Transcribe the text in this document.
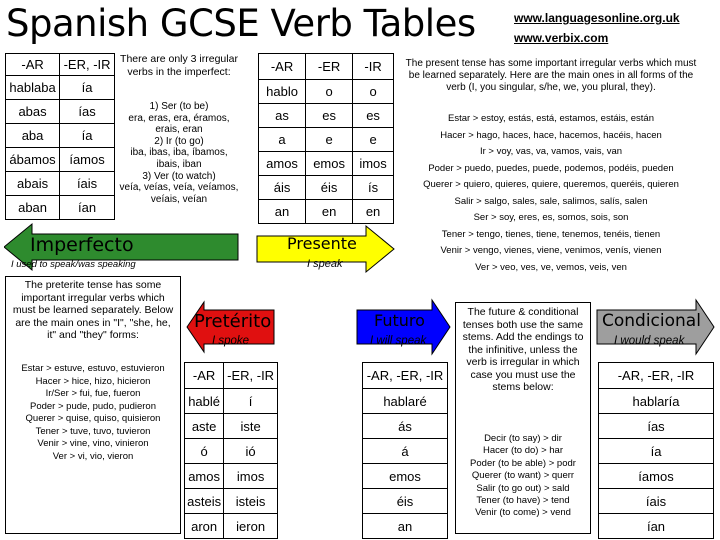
Spanish GCSE Verb Tables	www.languagesonline.org.uk
www.verbix.com
-AR	-ER, -IR
hablaba	ía
abas	ías
aba	ía
ábamos	íamos
abais	íais
aban	ían
There are only 3 irregular verbs in the imperfect:
1) Ser (to be)
era, eras, era, éramos, erais, eran
2) Ir (to go)
iba, ibas, iba, íbamos, ibais, iban
3) Ver (to watch)
veía, veías, veía, veíamos, veíais, veían
Imperfecto
I used to speak/was speaking
-AR	-ER	-IR
hablo	o	o
as	es	es
a	e	e
amos	emos	imos
áis	éis	ís
an	en	en
Presente
I speak
The present tense has some important irregular verbs which must be learned separately. Here are the main ones in all forms of the verb (I, you singular, s/he, we, you plural, they).
Estar > estoy, estás, está, estamos, estáis, están
Hacer > hago, haces, hace, hacemos, hacéis, hacen
Ir > voy, vas, va, vamos, vais, van
Poder > puedo, puedes, puede, podemos, podéis, pueden
Querer > quiero, quieres, quiere, queremos, queréis, quieren
Salir > salgo, sales, sale, salimos, salís, salen
Ser > soy, eres, es, somos, sois, son
Tener > tengo, tienes, tiene, tenemos, tenéis, tienen
Venir > vengo, vienes, viene, venimos, venís, vienen
Ver > veo, ves, ve, vemos, veis, ven
The preterite tense has some important irregular verbs which must be learned separately. Below are the main ones in "I", "she, he, it" and "they" forms:
Estar > estuve, estuvo, estuvieron
Hacer > hice, hizo, hicieron
Ir/Ser > fui, fue, fueron
Poder > pude, pudo, pudieron
Querer > quise, quiso, quisieron
Tener > tuve, tuvo, tuvieron
Venir > vine, vino, vinieron
Ver > vi, vio, vieron
Pretérito
I spoke
-AR	-ER, -IR
hablé	í
aste	iste
ó	ió
amos	imos
asteis	isteis
aron	ieron
Futuro
I will speak
-AR, -ER, -IR
hablaré
ás
á
emos
éis
an
The future & conditional tenses both use the same stems. Add the endings to the infinitive, unless the verb is irregular in which case you must use the stems below:
Decir (to say) > dir
Hacer (to do) > har
Poder (to be able) > podr
Querer (to want) > querr
Salir (to go out) > sald
Tener (to have) > tend
Venir (to come) > vend
Condicional
I would speak
-AR, -ER, -IR
hablaría
ías
ía
íamos
íais
ían
